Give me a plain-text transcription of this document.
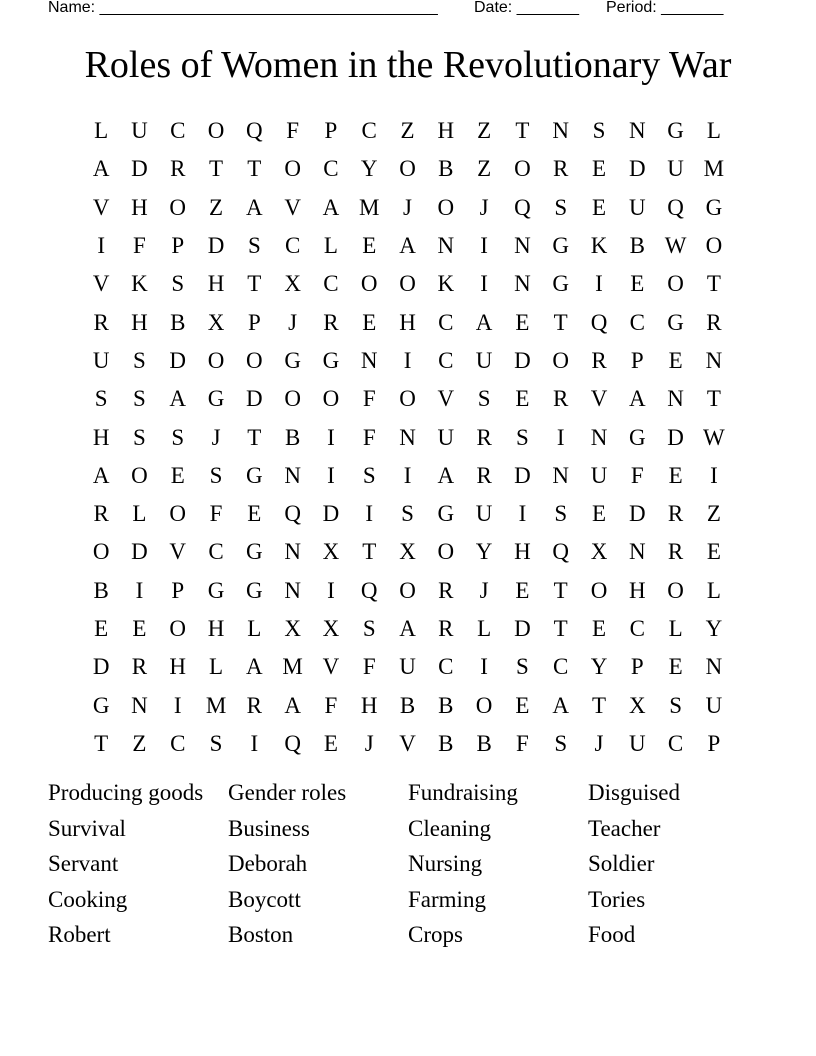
Name: ______________________________________ Date: _______ Period: _______
Roles of Women in the Revolutionary War
L U C O Q	F	P	C	Z H Z	T N	S	N G L
A D R	T	T O C Y O B	Z O R	E D U M
V H O Z A V A M	J	O	J	Q	S	E U Q G
I	F	P	D	S	C	L	E A N	I	N G K B W O
V K	S	H T X C O O K	I	N G	I	E O T
R H B X	P	J	R	E H C A E	T Q C G R
U	S	D O O G G N	I	C U D O R	P	E N
S	S	A G D O O	F	O V	S	E	R V A N T
H	S	S	J	T	B	I	F	N U R	S	I	N G D W
A O E	S	G N	I	S	I	A R D N U	F	E	I
R	L O	F	E Q D	I	S	G U	I	S	E D R	Z
O D V C G N X T X O Y H Q X N R	E
B	I	P	G G N	I	Q O R	J	E	T O H O L
E	E O H L X X	S	A R	L D T	E	C	L Y
D R H L A M V	F	U C	I	S	C Y	P	E N
G N	I	M R A	F	H B B O E A T X	S	U
T	Z	C	S	I	Q E	J	V B B	F	S	J	U C	P
Producing goods	Gender roles	Fundraising	Disguised
Survival	Business	Cleaning	Teacher
Servant	Deborah	Nursing	Soldier
Cooking	Boycott	Farming	Tories
Robert	Boston	Crops	Food
